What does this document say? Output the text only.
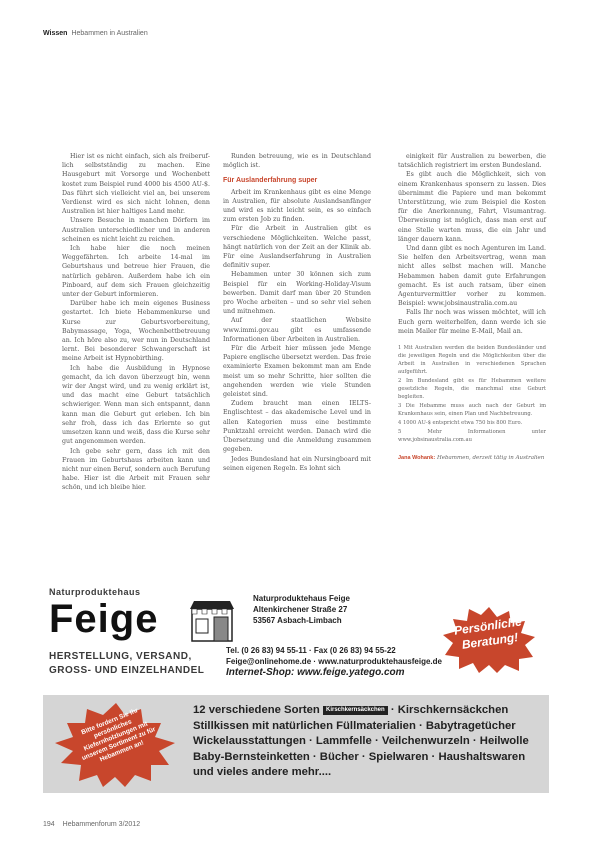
Wissen Hebammen in Australien

Hier ist es nicht einfach, sich als freiberuflich selbstständig zu machen. Eine Hausgeburt mit Vorsorge und Wochenbett kostet zum Beispiel rund 4000 bis 4500 AU-$. Das führt sich vielleicht viel an, bei unserem Verdienst wird es sich nicht lohnen, denn Australien ist hier haltiges Land mehr.

Unsere Besuche in manchen Dörfern im Australien unterschiedlicher und in anderen scheinen es nicht leicht zu reichen.

Ich habe hier die noch meinen Weggefährten. Ich arbeite 14-mal im Geburtshaus und betreue hier Frauen, die natürlich gebären. Außerdem habe ich ein Pinboard, auf dem sich Frauen gleichzeitig unter der Geburt informieren.

Darüber habe ich mein eigenes Business gestartet. Ich biete Hebammenkurse und Kurse zur Geburtsvorbereitung, Babymassage, Yoga, Wochenbettbetreuung an. Ich höre also zu, wer nun in Deutschland lernt. Bei besonderer Schwangerschaft ist meine Arbeit ist Hypnobirthing.

Ich habe die Ausbildung in Hypnose gemacht, da ich davon überzeugt bin, wenn wir der Angst wird, und zu wenig erklärt ist, und das macht eine Geburt tatsächlich schwieriger. Wenn man sich entspannt, dann kann man die Geburt gut erleben. Ich bin sehr froh, dass ich das Erlernte so gut umsetzen kann und weiß, dass die Kurse sehr gut angenommen werden.

Ich gebe sehr gern, dass ich mit den Frauen im Geburtshaus arbeiten kann und nicht nur einen Beruf, sondern auch Berufung habe. Hier ist die Arbeit mit Frauen sehr schön, und ich bleibe hier.

Runden betreuung, wie es in Deutschland möglich ist.

Für Auslanderfahrung super

Arbeit im Krankenhaus gibt es eine Menge in Australien, für absolute Auslandsanfänger und wird es nicht leicht sein, es so einfach zum ersten Job zu finden.

Für die Arbeit in Australien gibt es verschiedene Möglichkeiten. Welche passt, hängt natürlich von der Zeit an der Klinik ab. Für eine Auslandserfahrung in Australien definitiv super.

Hebammen unter 30 können sich zum Beispiel für ein Working-Holiday-Visum bewerben. Damit darf man über 20 Stunden pro Woche arbeiten – und so sehr viel sehen und mitnehmen.

Auf der staatlichen Website www.immi.gov.au gibt es umfassende Informationen über Arbeiten in Australien.

Für die Arbeit hier müssen jede Menge Papiere englische übersetzt werden. Das freie examinierte Examen bekommt man am Ende meist um so mehr Schritte, hier sollten die angehenden werden wie viele Stunden geleistet sind.

Zudem braucht man einen IELTS-Englischtest – das akademische Level und in allen Kategorien muss eine bestimmte Punktzahl erreicht werden. Danach wird die Übersetzung und die Anmeldung zusammen gegeben.

Jedes Bundesland hat ein Nursingboard mit seinen eigenen Regeln. Es lohnt sich

einigkeit für Australien zu bewerben, die tatsächlich registriert im ersten Bundesland.

Es gibt auch die Möglichkeit, sich von einem Krankenhaus sponsern zu lassen. Dies übernimmt die Papiere und man bekommt Unterstützung, wie zum Beispiel die Kosten für die Anerkennung, Fahrt, Visumantrag. Überweisung ist möglich, dass man erst auf eine Stelle warten muss, die ein Jahr und länger dauern kann.

Und dann gibt es noch Agenturen im Land. Sie helfen den Arbeitsvertrag, wenn man nicht alles selbst machen will. Manche Hebammen haben damit gute Erfahrungen gemacht. Es ist auch ratsam, über einen Agenturvermittler vorher zu kommen. Beispiel: www.jobsinaustralia.com.au

Falls Ihr noch was wissen möchtet, will ich Euch gern weiterhelfen, dann werde ich sie mein Mailer für meine E-Mail, Mail an.

1 Mit Australien werden die beiden Bundesländer und die jeweiligen Regeln und die Möglichkeiten über die Arbeit in Australien in verschiedenen Sprachen aufgeführt.
2 Im Bundesland gibt es für Hebammen weitere gesetzliche Regeln, die manchmal eine Geburt begleiten.
3 Die Hebamme muss auch nach der Geburt im Krankenhaus sein, einen Plan und Nachbetreuung.
4 1000 AU-$ entspricht etwa 750 bis 800 Euro.
5 Mehr Informationen unter www.jobsinaustralia.com.au
Jana Wohank: Hebammen, derzeit tätig in Australien
Naturproduktehaus
Feige
HERSTELLUNG, VERSAND,
GROSS- UND EINZELHANDEL
Naturproduktehaus Feige
Altenkirchener Straße 27
53567 Asbach-Limbach
Tel. (0 26 83) 94 55-11 · Fax (0 26 83) 94 55-22
Feige@onlinehome.de · www.naturproduktehausfeige.de
Internet-Shop: www.feige.yatego.com
Persönliche Beratung!
Bitte fordern Sie Ihr persönliches Kiefernholzlungen mit unserem Sortiment zu für Hebammen an!
12 verschiedene Sorten Kirschkernsäckchen · Kirschkernsäckchen
Stillkissen mit natürlichen Füllmaterialien · Babytragetücher
Wickelausstattungen · Lammfelle · Veilchenwurzeln · Heilwolle
Baby-Bernsteinketten · Bücher · Spielwaren · Haushaltswaren
und vieles andere mehr....
194 Hebammenforum 3/2012
